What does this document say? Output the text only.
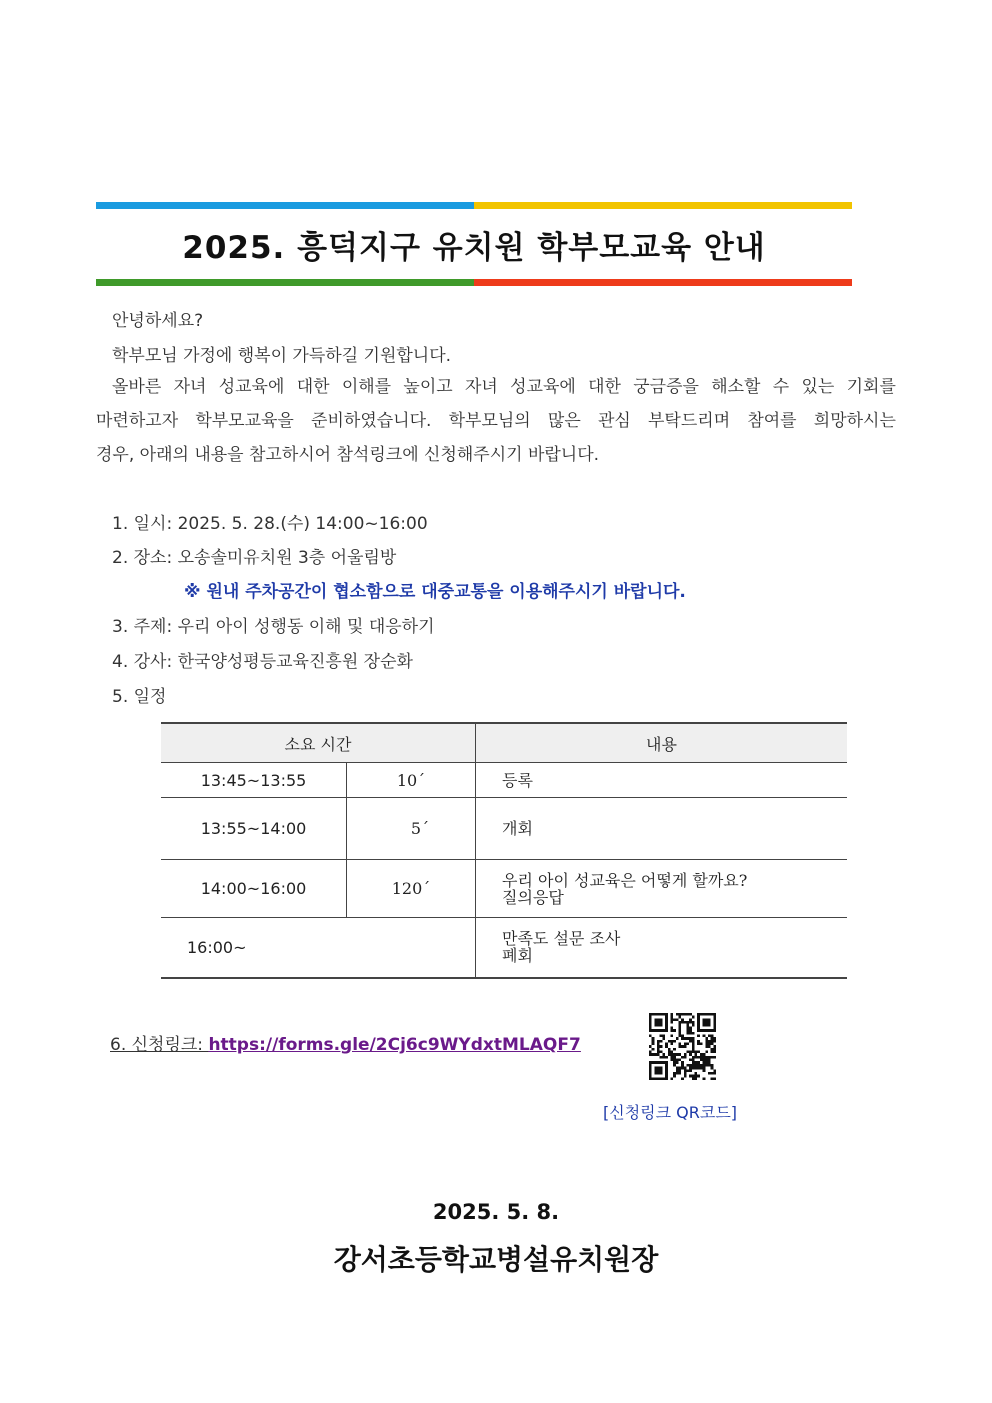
2025. 흥덕지구 유치원 학부모교육 안내
안녕하세요?
학부모님 가정에 행복이 가득하길 기원합니다.
올바른 자녀 성교육에 대한 이해를 높이고 자녀 성교육에 대한 궁금증을 해소할 수 있는 기회를
마련하고자 학부모교육을 준비하였습니다. 학부모님의 많은 관심 부탁드리며 참여를 희망하시는
경우, 아래의 내용을 참고하시어 참석링크에 신청해주시기 바랍니다.
1. 일시: 2025. 5. 28.(수) 14:00~16:00
2. 장소: 오송솔미유치원 3층 어울림방
※ 원내 주차공간이 협소함으로 대중교통을 이용해주시기 바랍니다.
3. 주제: 우리 아이 성행동 이해 및 대응하기
4. 강사: 한국양성평등교육진흥원 장순화
5. 일정
소요 시간		내용
13:45~13:55	10´	등록

13:55~14:00	5´	개회

14:00~16:00	120´	우리 아이 성교육은 어떻게 할까요?
질의응답

16:00~		만족도 설문 조사
폐회
6. 신청링크: https://forms.gle/2Cj6c9WYdxtMLAQF7
[신청링크 QR코드]
2025. 5. 8.
강서초등학교병설유치원장
